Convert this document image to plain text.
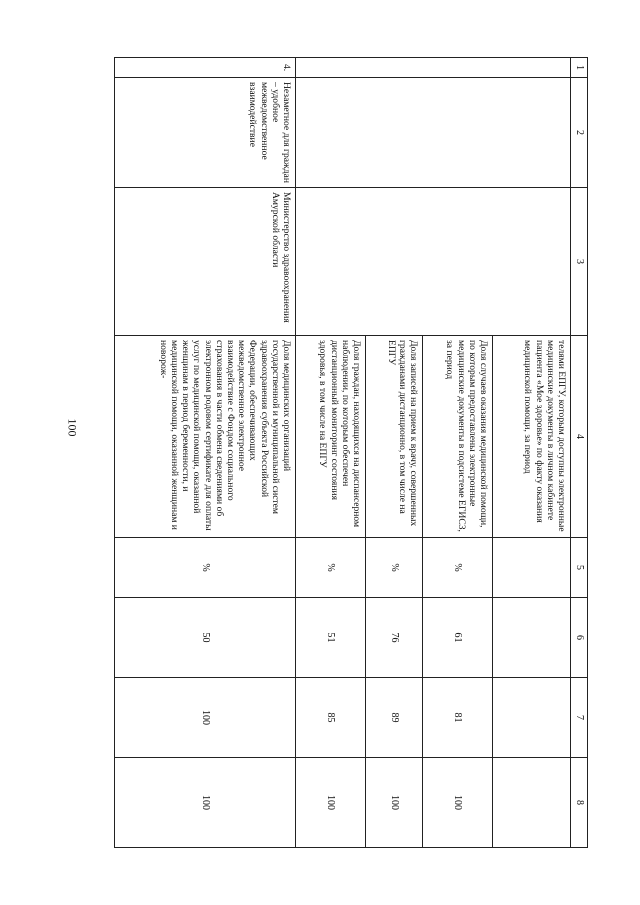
100
1	2	3	4	5	6	7	8
			телями ЕПГУ, которым доступны электронные медицинские документы в личном кабинете пациента «Мое здоровье» по факту оказания медицинской помощи, за период				
			Доля случаев оказания медицинской помощи, по которым предоставлены электронные медицинские документы в подсистеме ЕГИСЗ, за период	%	61	81	100
			Доля записей на прием к врачу, совершенных гражданами дистанционно, в том числе на ЕПГУ	%	76	89	100
			Доля граждан, находящихся на диспансерном наблюдении, по которым обеспечен дистанционный мониторинг состояния здоровья, в том числе на ЕПГУ	%	51	85	100
4.	Незаметное для граждан – удобное межведомственное взаимодействие	Министерство здравоохранения Амурской области	Доля медицинских организаций государственной и муниципальной систем здравоохранения субъекта Российской Федерации, обеспечивающих межведомственное электронное взаимодействие с Фондом социального страхования в части обмена сведениями об электронном родовом сертификате для оплаты услуг по медицинской помощи, оказанной женщинам в период беременности, и медицинской помощи, оказанной женщинам и новорож-	%	50	100	100
